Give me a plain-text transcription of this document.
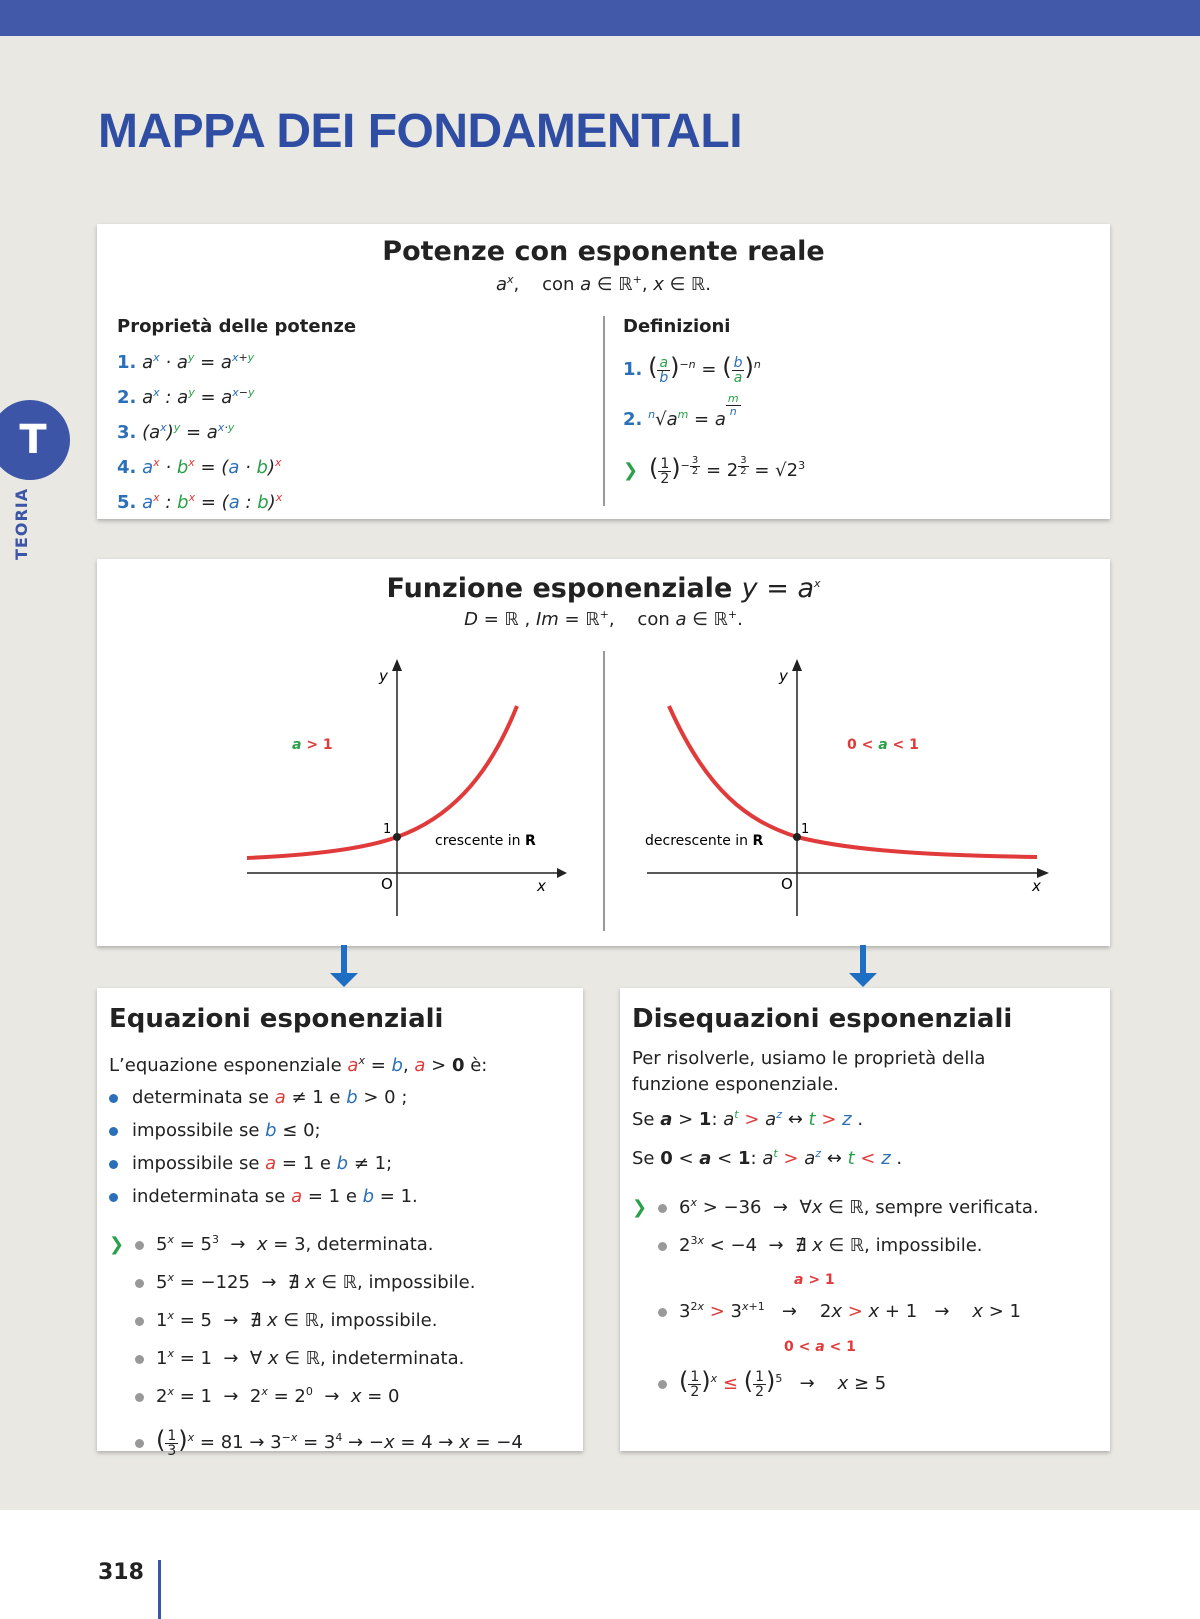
MAPPA DEI FONDAMENTALI
T
TEORIA

Potenze con esponente reale

$a^x$,    con a ∈ ℝ+, x ∈ ℝ.
Proprietà delle potenze
1. $a^x \cdot a^y = a^{x+y}$
2. $a^x$ : $a^y = a^{x-y}$
3. $(a^x)^y = a^{x\cdot y}$
4. $a^x \cdot b^x = (a \cdot b)^x$
5. $a^x$ : $b^x = (a$ : b)$^x$
Definizioni
1. ( $\frac{a}{b} )^{-n}$ = ( $\frac{b}{a} )^n$
2. $^n√a^m = a$
$\frac{m}{n}$
❯ ( $\frac{1}{2} )^{- \frac{3}{2}} = 2$ $^{\frac{3}{2}} = √2^3$

Funzione esponenziale $y = a^x$

D = ℝ , Im = ℝ+,    con a ∈ ℝ+.
y
x
O
1
crescente in R
a > 1
y
x
O
1
decrescente in R
0 < a < 1

Equazioni esponenziali

L’equazione esponenziale $a^x = b$, a > 0 è:
determinata se a ≠ 1 e b > 0 ;
impossibile se b ≤ 0;
impossibile se a = 1 e b ≠ 1;
indeterminata se a = 1 e b = 1.
❯ $5^x = 5^3 \to x = 3$, determinata.
$5^x = -125$  →  ∄ x ∈ ℝ, impossibile.
$1^x = 5$  →  ∄ x ∈ ℝ, impossibile.
$1^x = 1$  →  ∀ x ∈ ℝ, indeterminata.
$2^x = 1 \to 2^x = 2^0 \to x = 0$
( $\frac{1}{3} )^x = 81 \to 3^{-x} = 3^4 \to -x = 4 \to x = -4$

Disequazioni esponenziali

Per risolverle, usiamo le proprietà della
funzione esponenziale.
Se a > 1: $a^t > a^z$ ↔ t > z .
Se 0 < a < 1: $a^t > a^z$ ↔ t < z .
❯ $6^x > -36$  →  ∀x ∈ ℝ, sempre verificata.
$2^{3x} < -4$  →  ∄ x ∈ ℝ, impossibile.
a > 1
$3^{2x} > 3^{x+1}$   →    2x > x + 1   →    x > 1
0 < a < 1
( $\frac{1}{2} )^x$ ≤ ( $\frac{1}{2} )^5$   →    x ≥ 5
318
